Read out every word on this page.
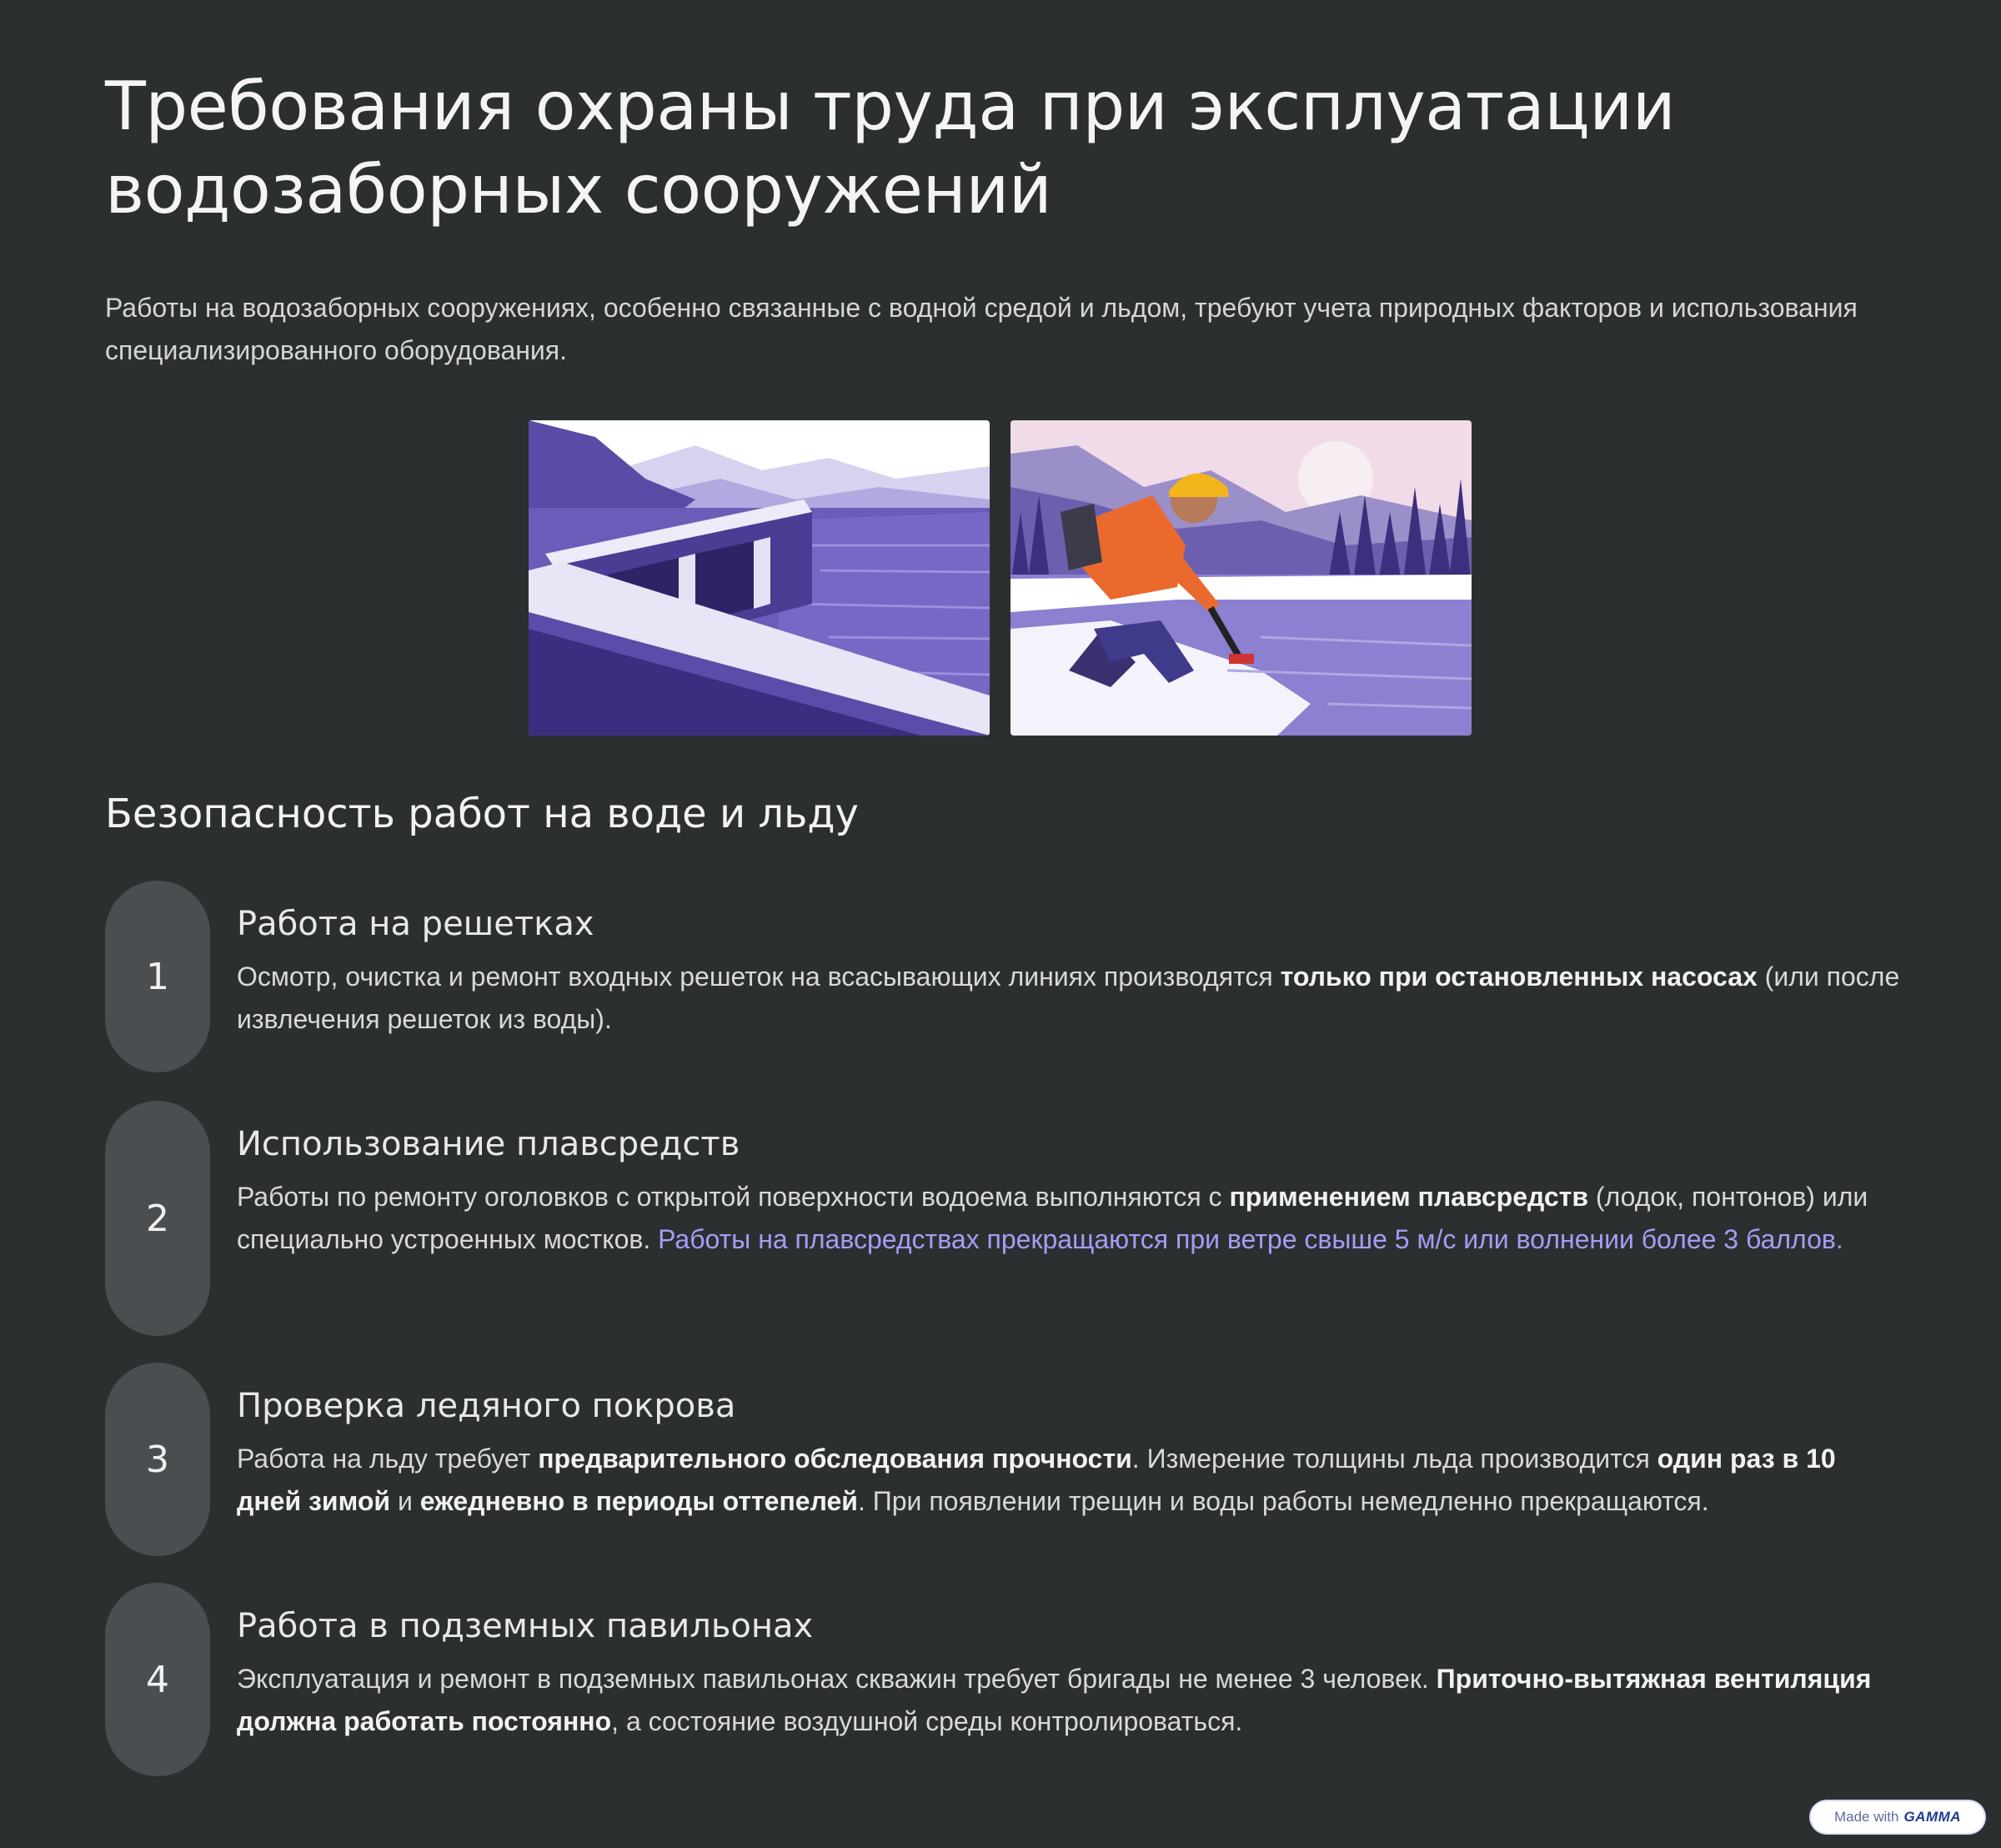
Требования охраны труда при эксплуатации водозаборных сооружений

Работы на водозаборных сооружениях, особенно связанные с водной средой и льдом, требуют учета природных факторов и использования специализированного оборудования.

Безопасность работ на воде и льду
1
Работа на решетках

Осмотр, очистка и ремонт входных решеток на всасывающих линиях производятся только при остановленных насосах (или после извлечения решеток из воды).

2
Использование плавсредств

Работы по ремонту оголовков с открытой поверхности водоема выполняются с применением плавсредств (лодок, понтонов) или специально устроенных мостков. Работы на плавсредствах прекращаются при ветре свыше 5 м/с или волнении более 3 баллов.

3
Проверка ледяного покрова

Работа на льду требует предварительного обследования прочности. Измерение толщины льда производится один раз в 10 дней зимой и ежедневно в периоды оттепелей. При появлении трещин и воды работы немедленно прекращаются.

4
Работа в подземных павильонах

Эксплуатация и ремонт в подземных павильонах скважин требует бригады не менее 3 человек. Приточно-вытяжная вентиляция должна работать постоянно, а состояние воздушной среды контролироваться.

Made with GAMMA
